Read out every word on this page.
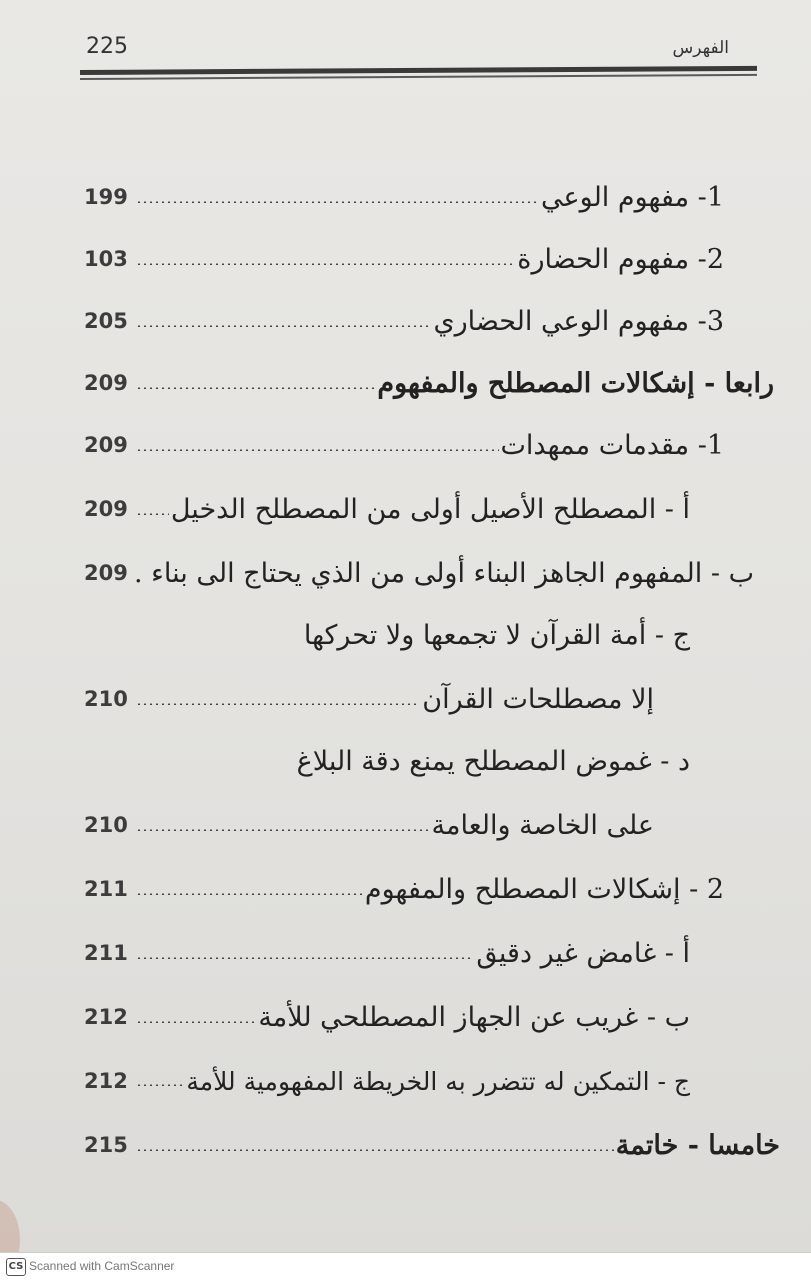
225	الفهرس
199	1- مفهوم الوعي
103	2- مفهوم الحضارة
205	3- مفهوم الوعي الحضاري
209	رابعا - إشكالات المصطلح والمفهوم
209	1- مقدمات ممهدات
209 أ - المصطلح الأصيل أولى من المصطلح الدخيل
209 ب - المفهوم الجاهز البناء أولى من الذي يحتاج الى بناء .
ج - أمة القرآن لا تجمعها ولا تحركها
210	إلا مصطلحات القرآن
د - غموض المصطلح يمنع دقة البلاغ
210	على الخاصة والعامة
211	2 - إشكالات المصطلح والمفهوم
211	أ - غامض غير دقيق
212	ب - غريب عن الجهاز المصطلحي للأمة
212 ج - التمكين له تتضرر به الخريطة المفهومية للأمة
215	خامسا - خاتمة
CS Scanned with CamScanner
